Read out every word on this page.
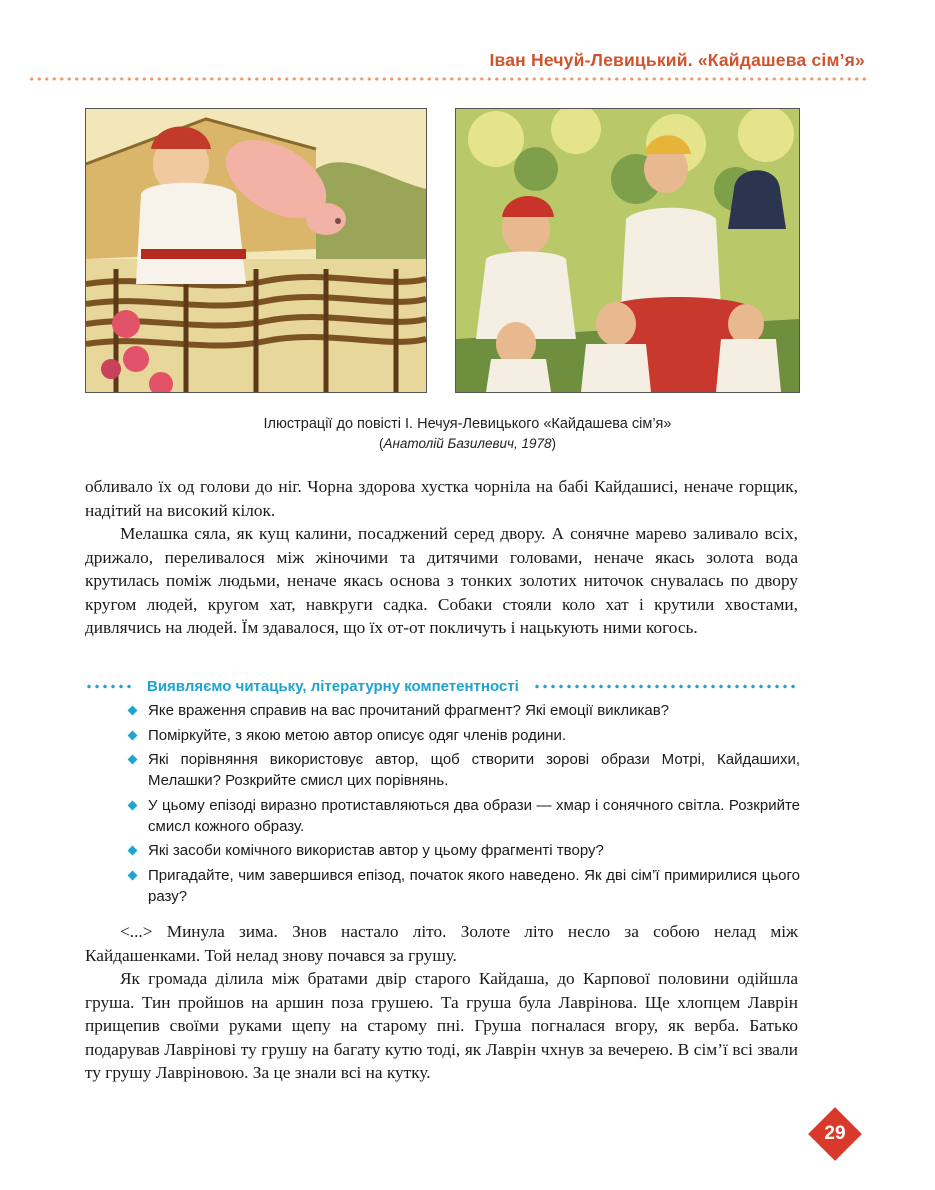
Іван Нечуй-Левицький. «Кайдашева сім’я»
Ілюстрації до повісті І. Нечуя-Левицького «Кайдашева сім’я»
(Анатолій Базилевич, 1978)

обливало їх од голови до ніг. Чорна здорова хустка чорніла на бабі Кайдашисі, неначе горщик, надітий на високий кілок.

Мелашка сяла, як кущ калини, посаджений серед двору. А сонячне марево заливало всіх, дрижало, переливалося між жіночими та дитячими головами, неначе якась золота вода крутилась поміж людьми, неначе якась основа з тонких золотих ниточок снувалась по двору кругом людей, кругом хат, навкруги садка. Собаки стояли коло хат і крутили хвостами, дивлячись на людей. Їм здавалося, що їх от-от покличуть і нацькують ними когось.

Виявляємо читацьку, літературну компетентності
Яке враження справив на вас прочитаний фрагмент? Які емоції викликав?
Поміркуйте, з якою метою автор описує одяг членів родини.
Які порівняння використовує автор, щоб створити зорові образи Мотрі, Кайдашихи, Мелашки? Розкрийте смисл цих порівнянь.
У цьому епізоді виразно протиставляються два образи — хмар і сонячного світла. Розкрийте смисл кожного образу.
Які засоби комічного використав автор у цьому фрагменті твору?
Пригадайте, чим завершився епізод, початок якого наведено. Як дві сім’ї примирилися цього разу?

<...> Минула зима. Знов настало літо. Золоте літо несло за собою нелад між Кайдашенками. Той нелад знову почався за грушу.

Як громада ділила між братами двір старого Кайдаша, до Карпової половини одійшла груша. Тин пройшов на аршин поза грушею. Та груша була Лаврінова. Ще хлопцем Лаврін прищепив своїми руками щепу на старому пні. Груша погналася вгору, як верба. Батько подарував Лаврінові ту грушу на багату кутю тоді, як Лаврін чхнув за вечерею. В сім’ї всі звали ту грушу Лавріновою. За це знали всі на кутку.

29
